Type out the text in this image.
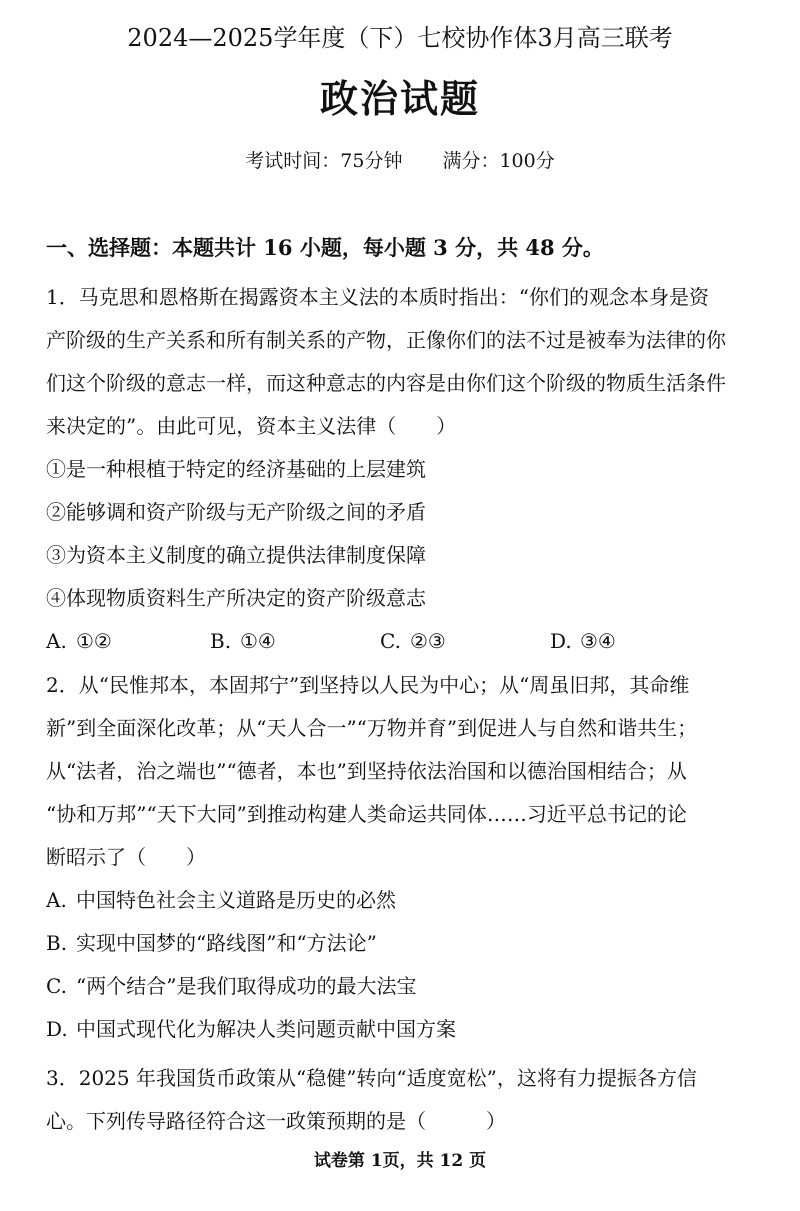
2024—2025学年度（下）七校协作体3月高三联考
政治试题
考试时间：75分钟 满分：100分
一、选择题：本题共计 16 小题，每小题 3 分，共 48 分。
1．马克思和恩格斯在揭露资本主义法的本质时指出：“你们的观念本身是资
产阶级的生产关系和所有制关系的产物，正像你们的法不过是被奉为法律的你
们这个阶级的意志一样，而这种意志的内容是由你们这个阶级的物质生活条件
来决定的”。由此可见，资本主义法律（　　）
①是一种根植于特定的经济基础的上层建筑
②能够调和资产阶级与无产阶级之间的矛盾
③为资本主义制度的确立提供法律制度保障
④体现物质资料生产所决定的资产阶级意志
A. ①②	B. ①④	C. ②③	D. ③④
2．从“民惟邦本，本固邦宁”到坚持以人民为中心；从“周虽旧邦，其命维
新”到全面深化改革；从“天人合一”“万物并育”到促进人与自然和谐共生；
从“法者，治之端也”“德者，本也”到坚持依法治国和以德治国相结合；从
“协和万邦”“天下大同”到推动构建人类命运共同体……习近平总书记的论
断昭示了（　　）
A. 中国特色社会主义道路是历史的必然
B. 实现中国梦的“路线图”和“方法论”
C. “两个结合”是我们取得成功的最大法宝
D. 中国式现代化为解决人类问题贡献中国方案
3．2025 年我国货币政策从“稳健”转向“适度宽松”，这将有力提振各方信
心。下列传导路径符合这一政策预期的是（　　　）
试卷第 1页，共 12 页
